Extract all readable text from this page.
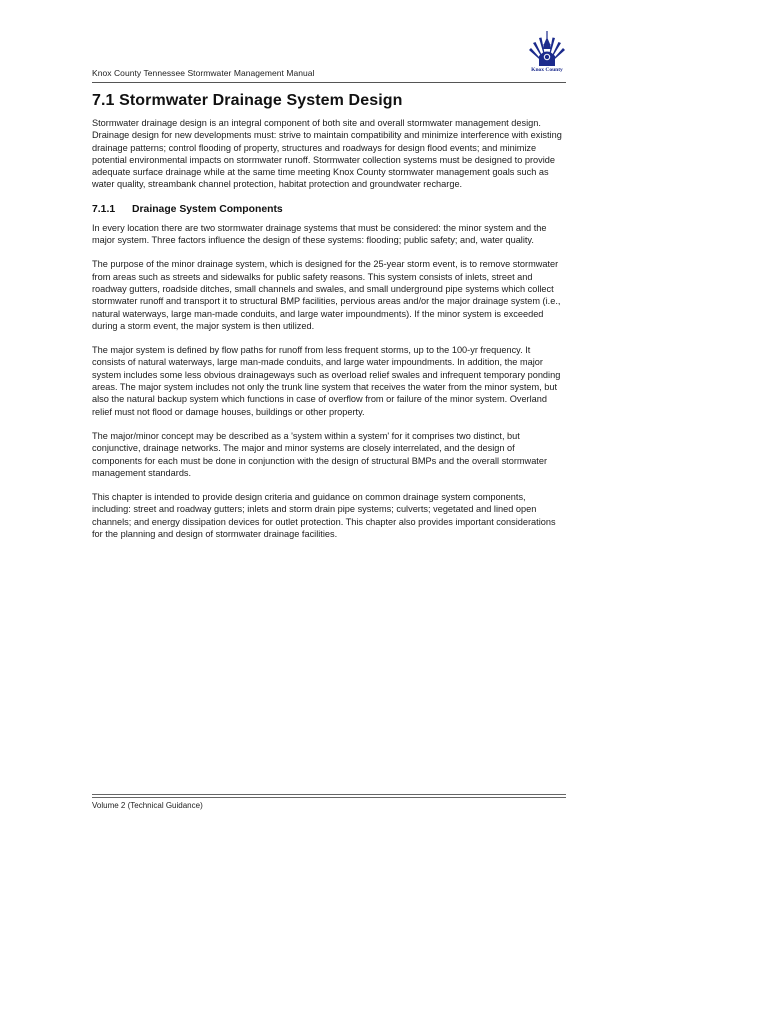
Knox County Tennessee Stormwater Management Manual	Knox County
7.1 Stormwater Drainage System Design

Stormwater drainage design is an integral component of both site and overall stormwater management design. Drainage design for new developments must: strive to maintain compatibility and minimize interference with existing drainage patterns; control flooding of property, structures and roadways for design flood events; and minimize potential environmental impacts on stormwater runoff. Stormwater collection systems must be designed to provide adequate surface drainage while at the same time meeting Knox County stormwater management goals such as water quality, streambank channel protection, habitat protection and groundwater recharge.

7.1.1 Drainage System Components

In every location there are two stormwater drainage systems that must be considered: the minor system and the major system. Three factors influence the design of these systems: flooding; public safety; and, water quality.

The purpose of the minor drainage system, which is designed for the 25-year storm event, is to remove stormwater from areas such as streets and sidewalks for public safety reasons. This system consists of inlets, street and roadway gutters, roadside ditches, small channels and swales, and small underground pipe systems which collect stormwater runoff and transport it to structural BMP facilities, pervious areas and/or the major drainage system (i.e., natural waterways, large man-made conduits, and large water impoundments). If the minor system is exceeded during a storm event, the major system is then utilized.

The major system is defined by flow paths for runoff from less frequent storms, up to the 100-yr frequency. It consists of natural waterways, large man-made conduits, and large water impoundments. In addition, the major system includes some less obvious drainageways such as overload relief swales and infrequent temporary ponding areas. The major system includes not only the trunk line system that receives the water from the minor system, but also the natural backup system which functions in case of overflow from or failure of the minor system. Overland relief must not flood or damage houses, buildings or other property.

The major/minor concept may be described as a 'system within a system' for it comprises two distinct, but conjunctive, drainage networks. The major and minor systems are closely interrelated, and the design of components for each must be done in conjunction with the design of structural BMPs and the overall stormwater management standards.

This chapter is intended to provide design criteria and guidance on common drainage system components, including: street and roadway gutters; inlets and storm drain pipe systems; culverts; vegetated and lined open channels; and energy dissipation devices for outlet protection. This chapter also provides important considerations for the planning and design of stormwater drainage facilities.

Volume 2 (Technical Guidance)
